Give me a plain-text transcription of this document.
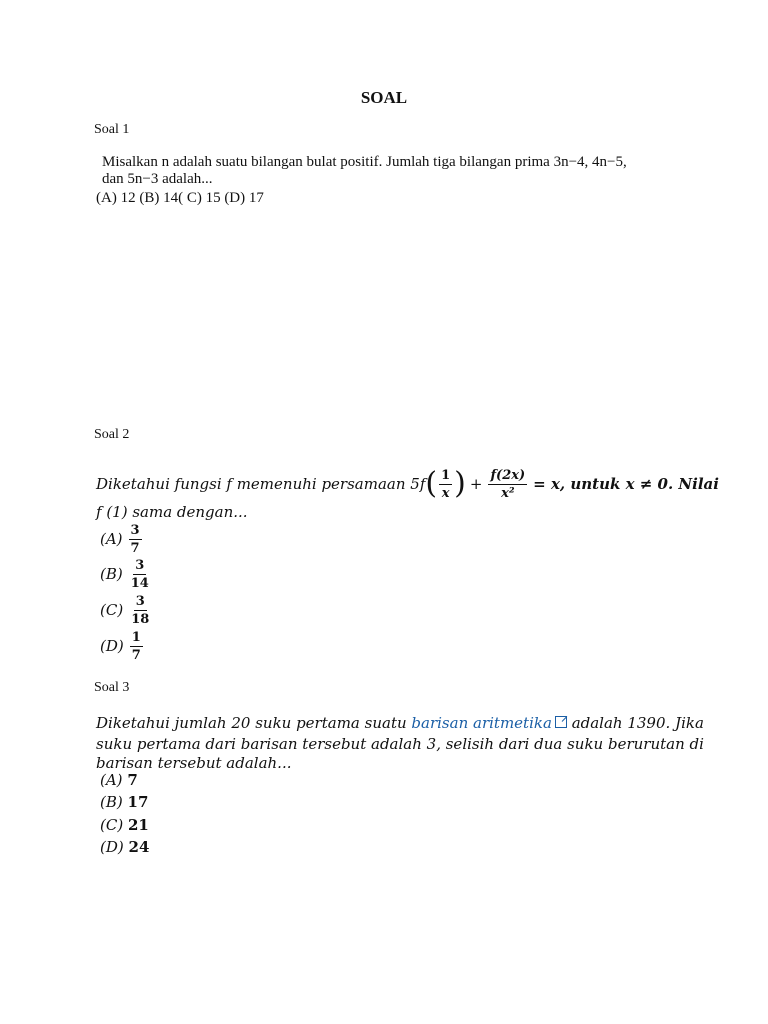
SOAL
Soal 1
Misalkan n adalah suatu bilangan bulat positif. Jumlah tiga bilangan prima 3n−4, 4n−5,
dan 5n−3 adalah...
(A) 12 (B) 14( C) 15 (D) 17
Soal 2
Diketahui fungsi f memenuhi persamaan 5f ( $\frac{1}{x}$ ) + $\frac{f(2x)}{\text{x²}} = x$, untuk x ≠ 0. Nilai
f (1) sama dengan...
$(A) \frac{3}{7}$
$(B) \frac{3}{14}$
$(C) \frac{3}{18}$
$(D) \frac{1}{7}$
Soal 3
Diketahui jumlah 20 suku pertama suatu barisan aritmetika adalah 1390. Jika
suku pertama dari barisan tersebut adalah 3, selisih dari dua suku berurutan di
barisan tersebut adalah...
(A) 7
(B) 17
(C) 21
(D) 24
